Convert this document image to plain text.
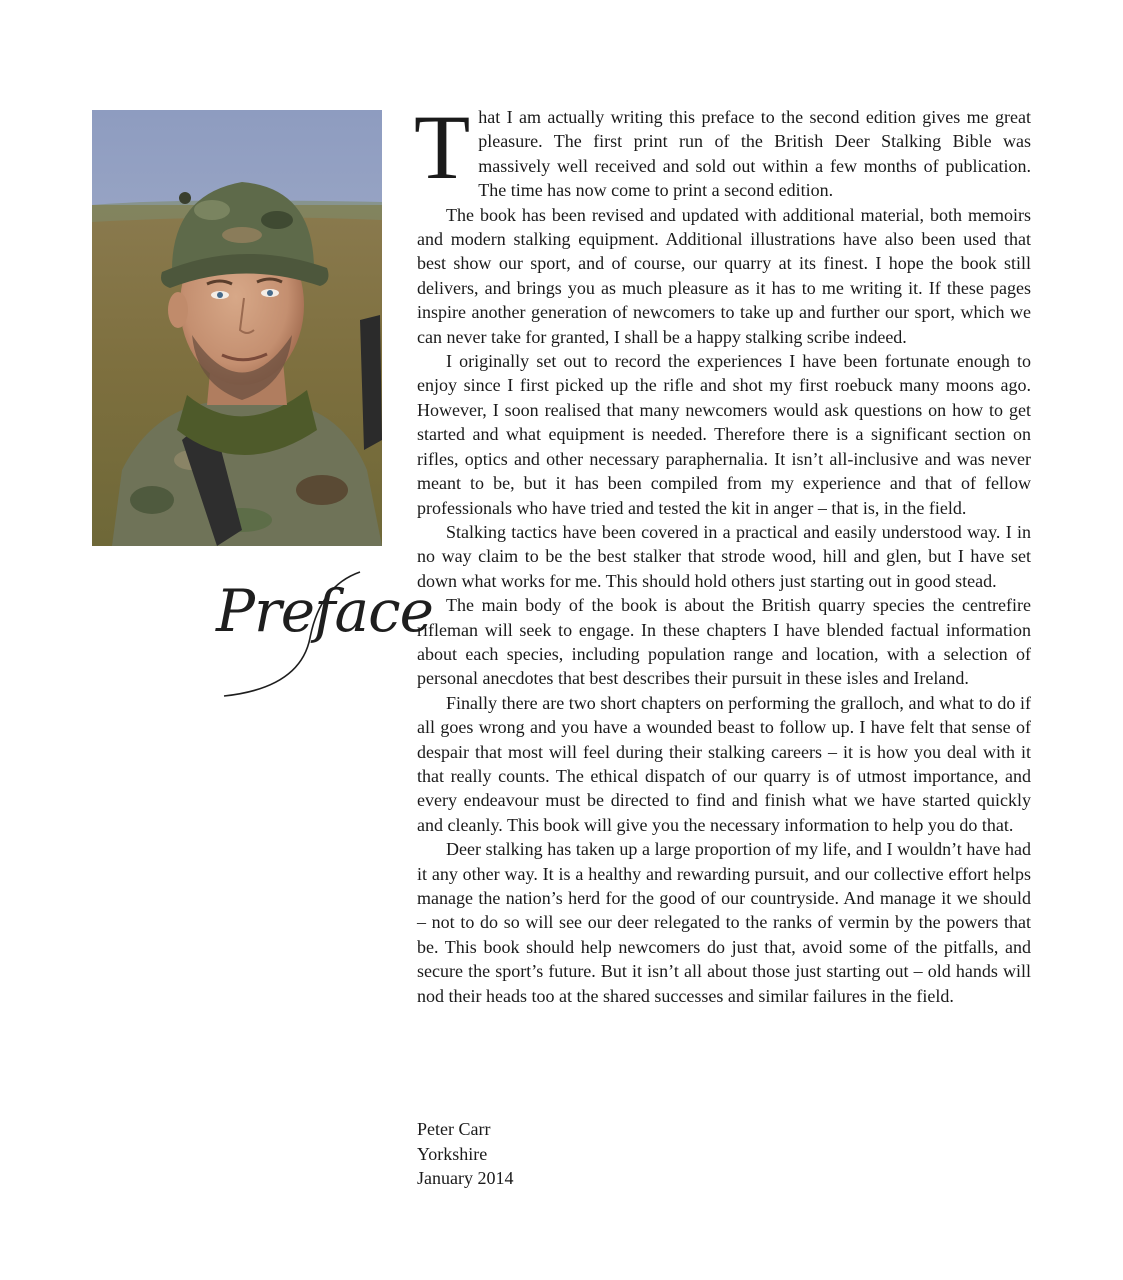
Preface

That I am actually writing this preface to the second edition gives me great pleasure. The first print run of the British Deer Stalking Bible was massively well received and sold out within a few months of publication. The time has now come to print a second edition.

The book has been revised and updated with additional material, both memoirs and modern stalking equipment. Additional illustrations have also been used that best show our sport, and of course, our quarry at its finest. I hope the book still delivers, and brings you as much pleasure as it has to me writing it. If these pages inspire another generation of newcomers to take up and further our sport, which we can never take for granted, I shall be a happy stalking scribe indeed.

I originally set out to record the experiences I have been fortunate enough to enjoy since I first picked up the rifle and shot my first roebuck many moons ago. However, I soon realised that many newcomers would ask questions on how to get started and what equipment is needed. Therefore there is a significant section on rifles, optics and other necessary paraphernalia. It isn’t all-inclusive and was never meant to be, but it has been compiled from my experience and that of fellow professionals who have tried and tested the kit in anger – that is, in the field.

Stalking tactics have been covered in a practical and easily understood way. I in no way claim to be the best stalker that strode wood, hill and glen, but I have set down what works for me. This should hold others just starting out in good stead.

The main body of the book is about the British quarry species the centrefire rifleman will seek to engage. In these chapters I have blended factual information about each species, including population range and location, with a selection of personal anecdotes that best describes their pursuit in these isles and Ireland.

Finally there are two short chapters on performing the gralloch, and what to do if all goes wrong and you have a wounded beast to follow up. I have felt that sense of despair that most will feel during their stalking careers – it is how you deal with it that really counts. The ethical dispatch of our quarry is of utmost importance, and every endeavour must be directed to find and finish what we have started quickly and cleanly. This book will give you the necessary information to help you do that.

Deer stalking has taken up a large proportion of my life, and I wouldn’t have had it any other way. It is a healthy and rewarding pursuit, and our collective effort helps manage the nation’s herd for the good of our countryside. And manage it we should – not to do so will see our deer relegated to the ranks of vermin by the powers that be. This book should help newcomers do just that, avoid some of the pitfalls, and secure the sport’s future. But it isn’t all about those just starting out – old hands will nod their heads too at the shared successes and similar failures in the field.

Peter Carr
Yorkshire
January 2014
